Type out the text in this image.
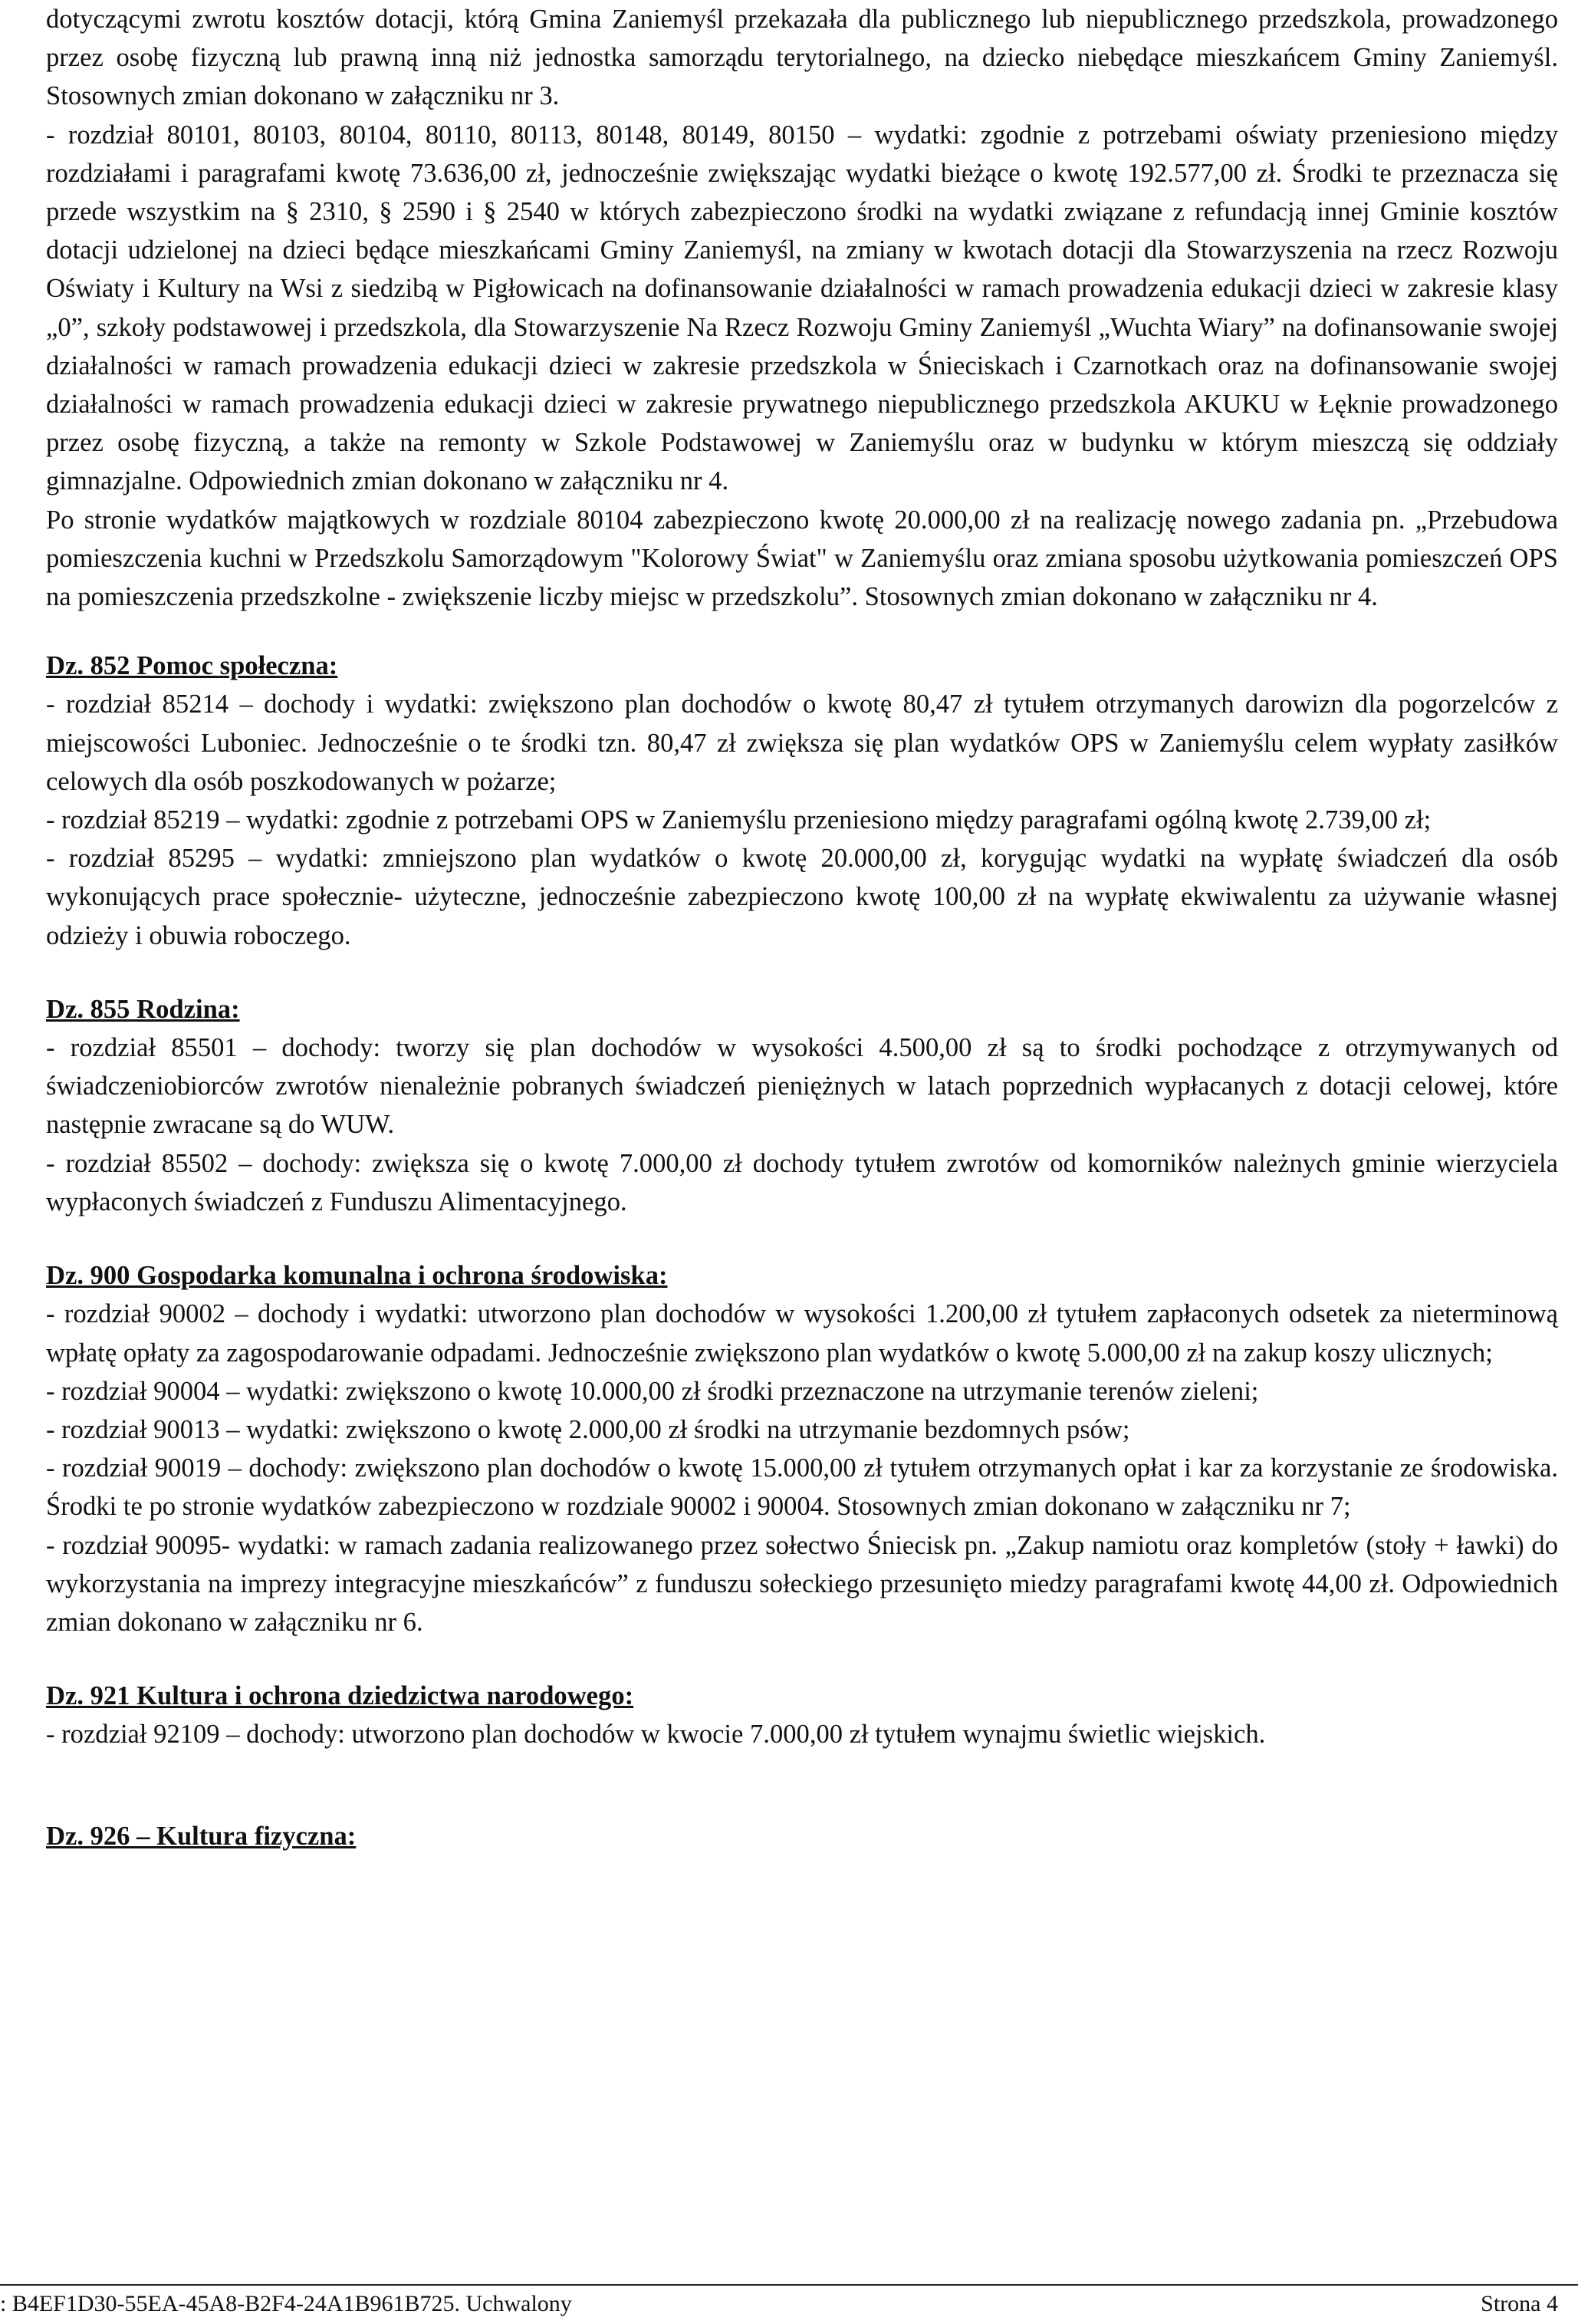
dotyczącymi zwrotu kosztów dotacji, którą Gmina Zaniemyśl przekazała dla publicznego lub niepublicznego przedszkola, prowadzonego przez osobę fizyczną lub prawną inną niż jednostka samorządu terytorialnego, na dziecko niebędące mieszkańcem Gminy Zaniemyśl. Stosownych zmian dokonano w załączniku nr 3.

- rozdział 80101, 80103, 80104, 80110, 80113, 80148, 80149, 80150 – wydatki: zgodnie z potrzebami oświaty przeniesiono między rozdziałami i paragrafami kwotę 73.636,00 zł, jednocześnie zwiększając wydatki bieżące o kwotę 192.577,00 zł. Środki te przeznacza się przede wszystkim na § 2310, § 2590 i § 2540 w których zabezpieczono środki na wydatki związane z refundacją innej Gminie kosztów dotacji udzielonej na dzieci będące mieszkańcami Gminy Zaniemyśl, na zmiany w kwotach dotacji dla Stowarzyszenia na rzecz Rozwoju Oświaty i Kultury na Wsi z siedzibą w Pigłowicach na dofinansowanie działalności w ramach prowadzenia edukacji dzieci w zakresie klasy „0”, szkoły podstawowej i przedszkola, dla Stowarzyszenie Na Rzecz Rozwoju Gminy Zaniemyśl „Wuchta Wiary” na dofinansowanie swojej działalności w ramach prowadzenia edukacji dzieci w zakresie przedszkola w Śnieciskach i Czarnotkach oraz na dofinansowanie swojej działalności w ramach prowadzenia edukacji dzieci w zakresie prywatnego niepublicznego przedszkola AKUKU w Łęknie prowadzonego przez osobę fizyczną, a także na remonty w Szkole Podstawowej w Zaniemyślu oraz w budynku w którym mieszczą się oddziały gimnazjalne. Odpowiednich zmian dokonano w załączniku nr 4.

Po stronie wydatków majątkowych w rozdziale 80104 zabezpieczono kwotę 20.000,00 zł na realizację nowego zadania pn. „Przebudowa pomieszczenia kuchni w Przedszkolu Samorządowym "Kolorowy Świat" w Zaniemyślu oraz zmiana sposobu użytkowania pomieszczeń OPS na pomieszczenia przedszkolne - zwiększenie liczby miejsc w przedszkolu”. Stosownych zmian dokonano w załączniku nr 4.

Dz. 852 Pomoc społeczna:

- rozdział 85214 – dochody i wydatki: zwiększono plan dochodów o kwotę 80,47 zł tytułem otrzymanych darowizn dla pogorzelców z miejscowości Luboniec. Jednocześnie o te środki tzn. 80,47 zł zwiększa się plan wydatków OPS w Zaniemyślu celem wypłaty zasiłków celowych dla osób poszkodowanych w pożarze;

- rozdział 85219 – wydatki: zgodnie z potrzebami OPS w Zaniemyślu przeniesiono między paragrafami ogólną kwotę 2.739,00 zł;

- rozdział 85295 – wydatki: zmniejszono plan wydatków o kwotę 20.000,00 zł, korygując wydatki na wypłatę świadczeń dla osób wykonujących prace społecznie- użyteczne, jednocześnie zabezpieczono kwotę 100,00 zł na wypłatę ekwiwalentu za używanie własnej odzieży i obuwia roboczego.

Dz. 855 Rodzina:

- rozdział 85501 – dochody: tworzy się plan dochodów w wysokości 4.500,00 zł są to środki pochodzące z otrzymywanych od świadczeniobiorców zwrotów nienależnie pobranych świadczeń pieniężnych w latach poprzednich wypłacanych z dotacji celowej, które następnie zwracane są do WUW.

- rozdział 85502 – dochody: zwiększa się o kwotę 7.000,00 zł dochody tytułem zwrotów od komorników należnych gminie wierzyciela wypłaconych świadczeń z Funduszu Alimentacyjnego.

Dz. 900 Gospodarka komunalna i ochrona środowiska:

- rozdział 90002 – dochody i wydatki: utworzono plan dochodów w wysokości 1.200,00 zł tytułem zapłaconych odsetek za nieterminową wpłatę opłaty za zagospodarowanie odpadami. Jednocześnie zwiększono plan wydatków o kwotę 5.000,00 zł na zakup koszy ulicznych;

- rozdział 90004 – wydatki: zwiększono o kwotę 10.000,00 zł środki przeznaczone na utrzymanie terenów zieleni;

- rozdział 90013 – wydatki: zwiększono o kwotę 2.000,00 zł środki na utrzymanie bezdomnych psów;

- rozdział 90019 – dochody: zwiększono plan dochodów o kwotę 15.000,00 zł tytułem otrzymanych opłat i kar za korzystanie ze środowiska. Środki te po stronie wydatków zabezpieczono w rozdziale 90002 i 90004. Stosownych zmian dokonano w załączniku nr 7;

- rozdział 90095- wydatki: w ramach zadania realizowanego przez sołectwo Śniecisk pn. „Zakup namiotu oraz kompletów (stoły + ławki) do wykorzystania na imprezy integracyjne mieszkańców” z funduszu sołeckiego przesunięto miedzy paragrafami kwotę 44,00 zł. Odpowiednich zmian dokonano w załączniku nr 6.

Dz. 921 Kultura i ochrona dziedzictwa narodowego:

- rozdział 92109 – dochody: utworzono plan dochodów w kwocie 7.000,00 zł tytułem wynajmu świetlic wiejskich.

Dz. 926 – Kultura fizyczna:

: B4EF1D30-55EA-45A8-B2F4-24A1B961B725. Uchwalony	Strona 4
